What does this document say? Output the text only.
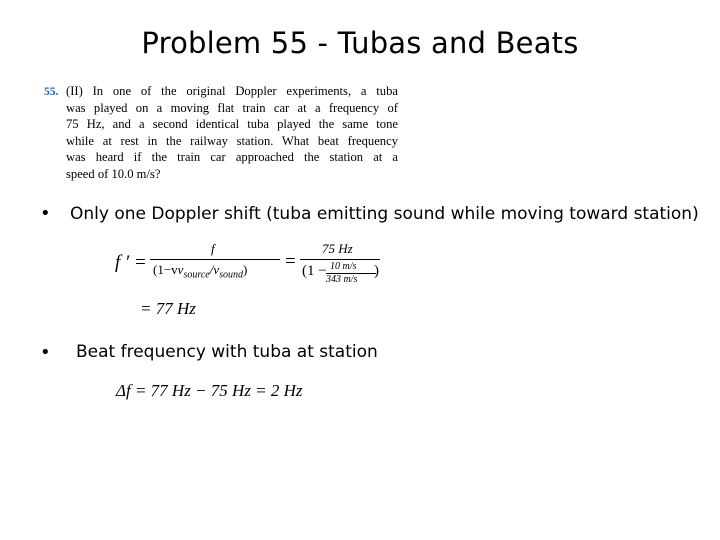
Problem 55 - Tubas and Beats
55. (II) In one of the original Doppler experiments, a tuba
was played on a moving flat train car at a frequency of
75 Hz, and a second identical tuba played the same tone
while at rest in the railway station. What beat frequency
was heard if the train car approached the station at a
speed of 10.0 m/s?
• Only one Doppler shift (tuba emitting sound while moving toward station)
f ′ =
f
$(1-vv_{source}/v_{sound})$ =
75 Hz
(1 − 10 m/s
343 m/s
)
= 77 Hz
• Beat frequency with tuba at station
Δf = 77 Hz − 75 Hz = 2 Hz
